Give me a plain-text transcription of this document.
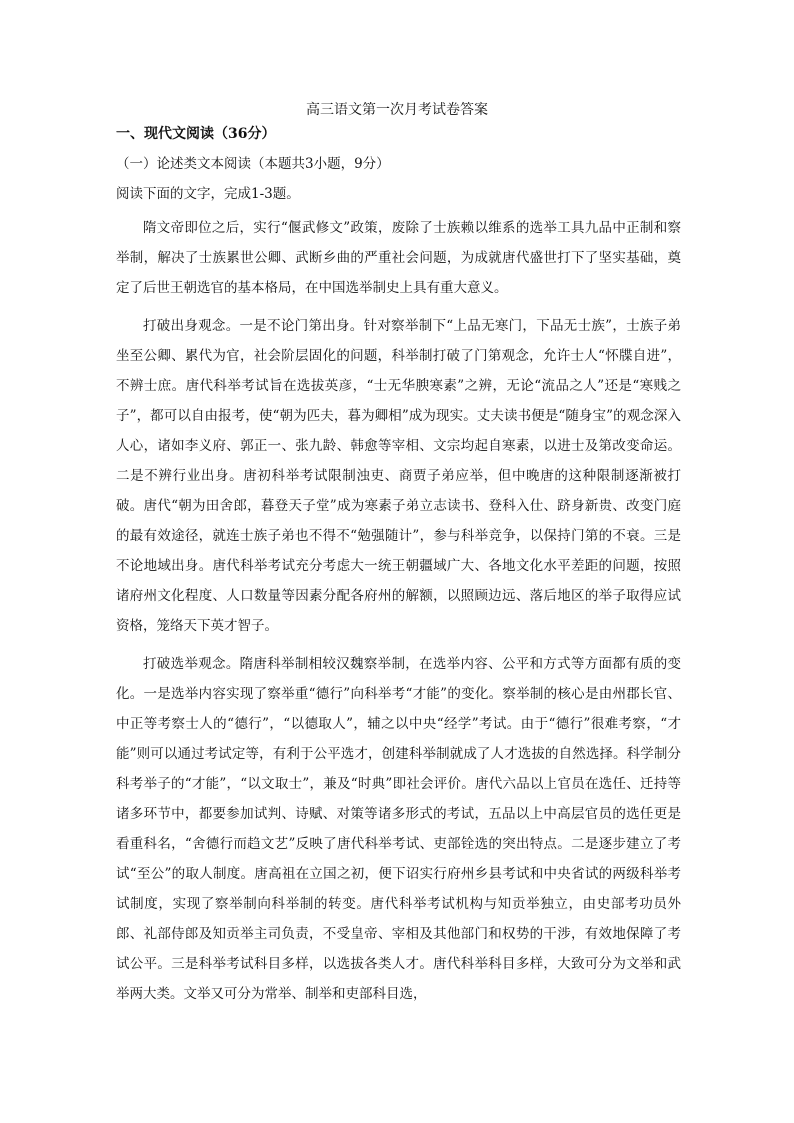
高三语文第一次月考试卷答案
一、现代文阅读（36分）
（一）论述类文本阅读（本题共3小题，9分）
阅读下面的文字，完成1-3题。

隋文帝即位之后，实行“偃武修文”政策，废除了士族赖以维系的选举工具九品中正制和察举制，解决了士族累世公卿、武断乡曲的严重社会问题，为成就唐代盛世打下了坚实基础，奠定了后世王朝选官的基本格局，在中国选举制史上具有重大意义。

打破出身观念。一是不论门第出身。针对察举制下“上品无寒门，下品无士族”，士族子弟坐至公卿、累代为官，社会阶层固化的问题，科举制打破了门第观念，允许士人“怀牒自进”，不辨士庶。唐代科举考试旨在选拔英彦，“士无华腴寒素”之辨，无论“流品之人”还是“寒贱之子”，都可以自由报考，使“朝为匹夫，暮为卿相”成为现实。丈夫读书便是“随身宝”的观念深入人心，诸如李义府、郭正一、张九龄、韩愈等宰相、文宗均起自寒素，以进士及第改变命运。二是不辨行业出身。唐初科举考试限制浊吏、商贾子弟应举，但中晚唐的这种限制逐渐被打破。唐代“朝为田舍郎，暮登天子堂”成为寒素子弟立志读书、登科入仕、跻身新贵、改变门庭的最有效途径，就连士族子弟也不得不“勉强随计”，参与科举竞争，以保持门第的不衰。三是不论地域出身。唐代科举考试充分考虑大一统王朝疆域广大、各地文化水平差距的问题，按照诸府州文化程度、人口数量等因素分配各府州的解额，以照顾边远、落后地区的举子取得应试资格，笼络天下英才智子。

打破选举观念。隋唐科举制相较汉魏察举制，在选举内容、公平和方式等方面都有质的变化。一是选举内容实现了察举重“德行”向科举考“才能”的变化。察举制的核心是由州郡长官、中正等考察士人的“德行”，“以德取人”，辅之以中央“经学”考试。由于“德行”很难考察，“才能”则可以通过考试定等，有利于公平选才，创建科举制就成了人才选拔的自然选择。科学制分科考举子的“才能”，“以文取士”，兼及“时典”即社会评价。唐代六品以上官员在选任、迁持等诸多环节中，都要参加试判、诗赋、对策等诸多形式的考试，五品以上中高层官员的选任更是看重科名，“舍德行而趋文艺”反映了唐代科举考试、吏部铨选的突出特点。二是逐步建立了考试“至公”的取人制度。唐高祖在立国之初，便下诏实行府州乡县考试和中央省试的两级科举考试制度，实现了察举制向科举制的转变。唐代科举考试机构与知贡举独立，由史部考功员外郎、礼部侍郎及知贡举主司负责，不受皇帝、宰相及其他部门和权势的干涉，有效地保障了考试公平。三是科举考试科目多样，以选拔各类人才。唐代科举科目多样，大致可分为文举和武举两大类。文举又可分为常举、制举和吏部科目选，
